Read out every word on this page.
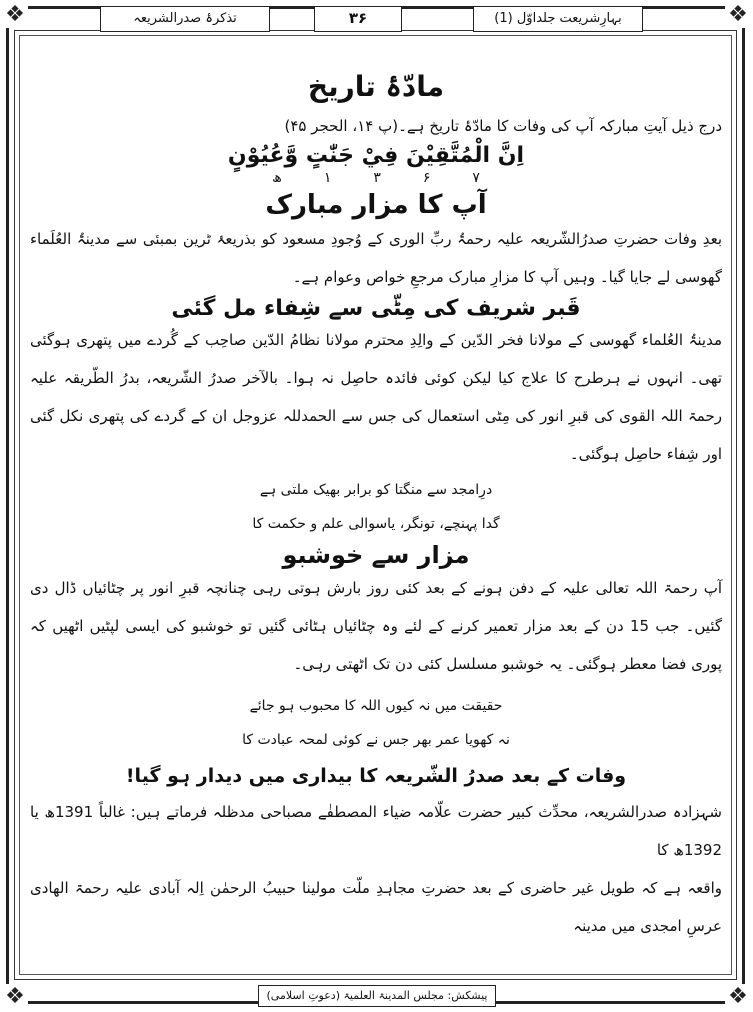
❖	❖
❖	❖
بہارِشریعت جلداوّل (1)
۳۶
تذکرۂ صدرالشریعہ
مادّۂ تاریخ

درج ذیل آیتِ مبارکہ آپ کی وفات کا مادّۂ تاریخ ہے۔(پ ۱۴، الحجر ۴۵)

اِنَّ الْمُتَّقِيْنَ فِيْ جَنّٰتٍ وَّعُيُوْنٍ
ھ	۱	۳	۶	۷
آپ کا مزار مبارک

بعدِ وفات حضرتِ صدرُالشّریعہ علیہ رحمۃُ ربِّ الوری کے وُجودِ مسعود کو بذریعۂ ٹرین بمبئی سے مدینۃُ العُلَماء گھوسی لے جایا گیا۔ وہیں آپ کا مزارِ مبارک مرجعِ خواص وعوام ہے۔

قَبر شریف کی مِٹّی سے شِفاء مل گئی

مدینۃُ العُلماء گھوسی کے مولانا فخر الدّین کے والِدِ محترم مولانا نظامُ الدّین صاحِب کے گُردے میں پتھری ہوگئی تھی۔ انہوں نے ہرطرح کا علاج کیا لیکن کوئی فائدہ حاصِل نہ ہوا۔ بالآخر صدرُ الشّریعہ، بدرُ الطّریقہ علیہ رحمۃ اللہ القوی کی قبرِ انور کی مِٹی استعمال کی جس سے الحمدللہ عزوجل ان کے گردے کی پتھری نکل گئی اور شِفاء حاصِل ہوگئی۔

درِامجد سے منگتا کو برابر بھیک ملتی ہے
گدا پہنچے، تونگر، یاسوالی علم و حکمت کا
مزار سے خوشبو

آپ رحمۃ اللہ تعالی علیہ کے دفن ہونے کے بعد کئی روز بارش ہوتی رہی چنانچہ قبرِ انور پر چٹائیاں ڈال دی گئیں۔ جب 15 دن کے بعد مزار تعمیر کرنے کے لئے وہ چٹائیاں ہٹائی گئیں تو خوشبو کی ایسی لپٹیں اٹھیں کہ پوری فضا معطر ہوگئی۔ یہ خوشبو مسلسل کئی دن تک اٹھتی رہی۔

حقیقت میں نہ کیوں اللہ کا محبوب ہو جائے
نہ کھویا عمر بھر جس نے کوئی لمحہ عبادت کا
وفات کے بعد صدرُ الشّریعہ کا بیداری میں دیدار ہو گیا!

شہزادہ صدرالشریعہ، محدِّث کبیر حضرت علّامہ ضیاء المصطفٰے مصباحی مدظلہ فرماتے ہیں: غالباً 1391ھ یا 1392ھ کا

واقعہ ہے کہ طویل غیر حاضری کے بعد حضرتِ مجاہدِ ملّت مولینا حبیبُ الرحمٰن اِلہ آبادی علیہ رحمۃ الھادی عرسِ امجدی میں مدینہ

پیشکش: مجلس المدینۃ العلمیۃ (دعوتِ اسلامی)
